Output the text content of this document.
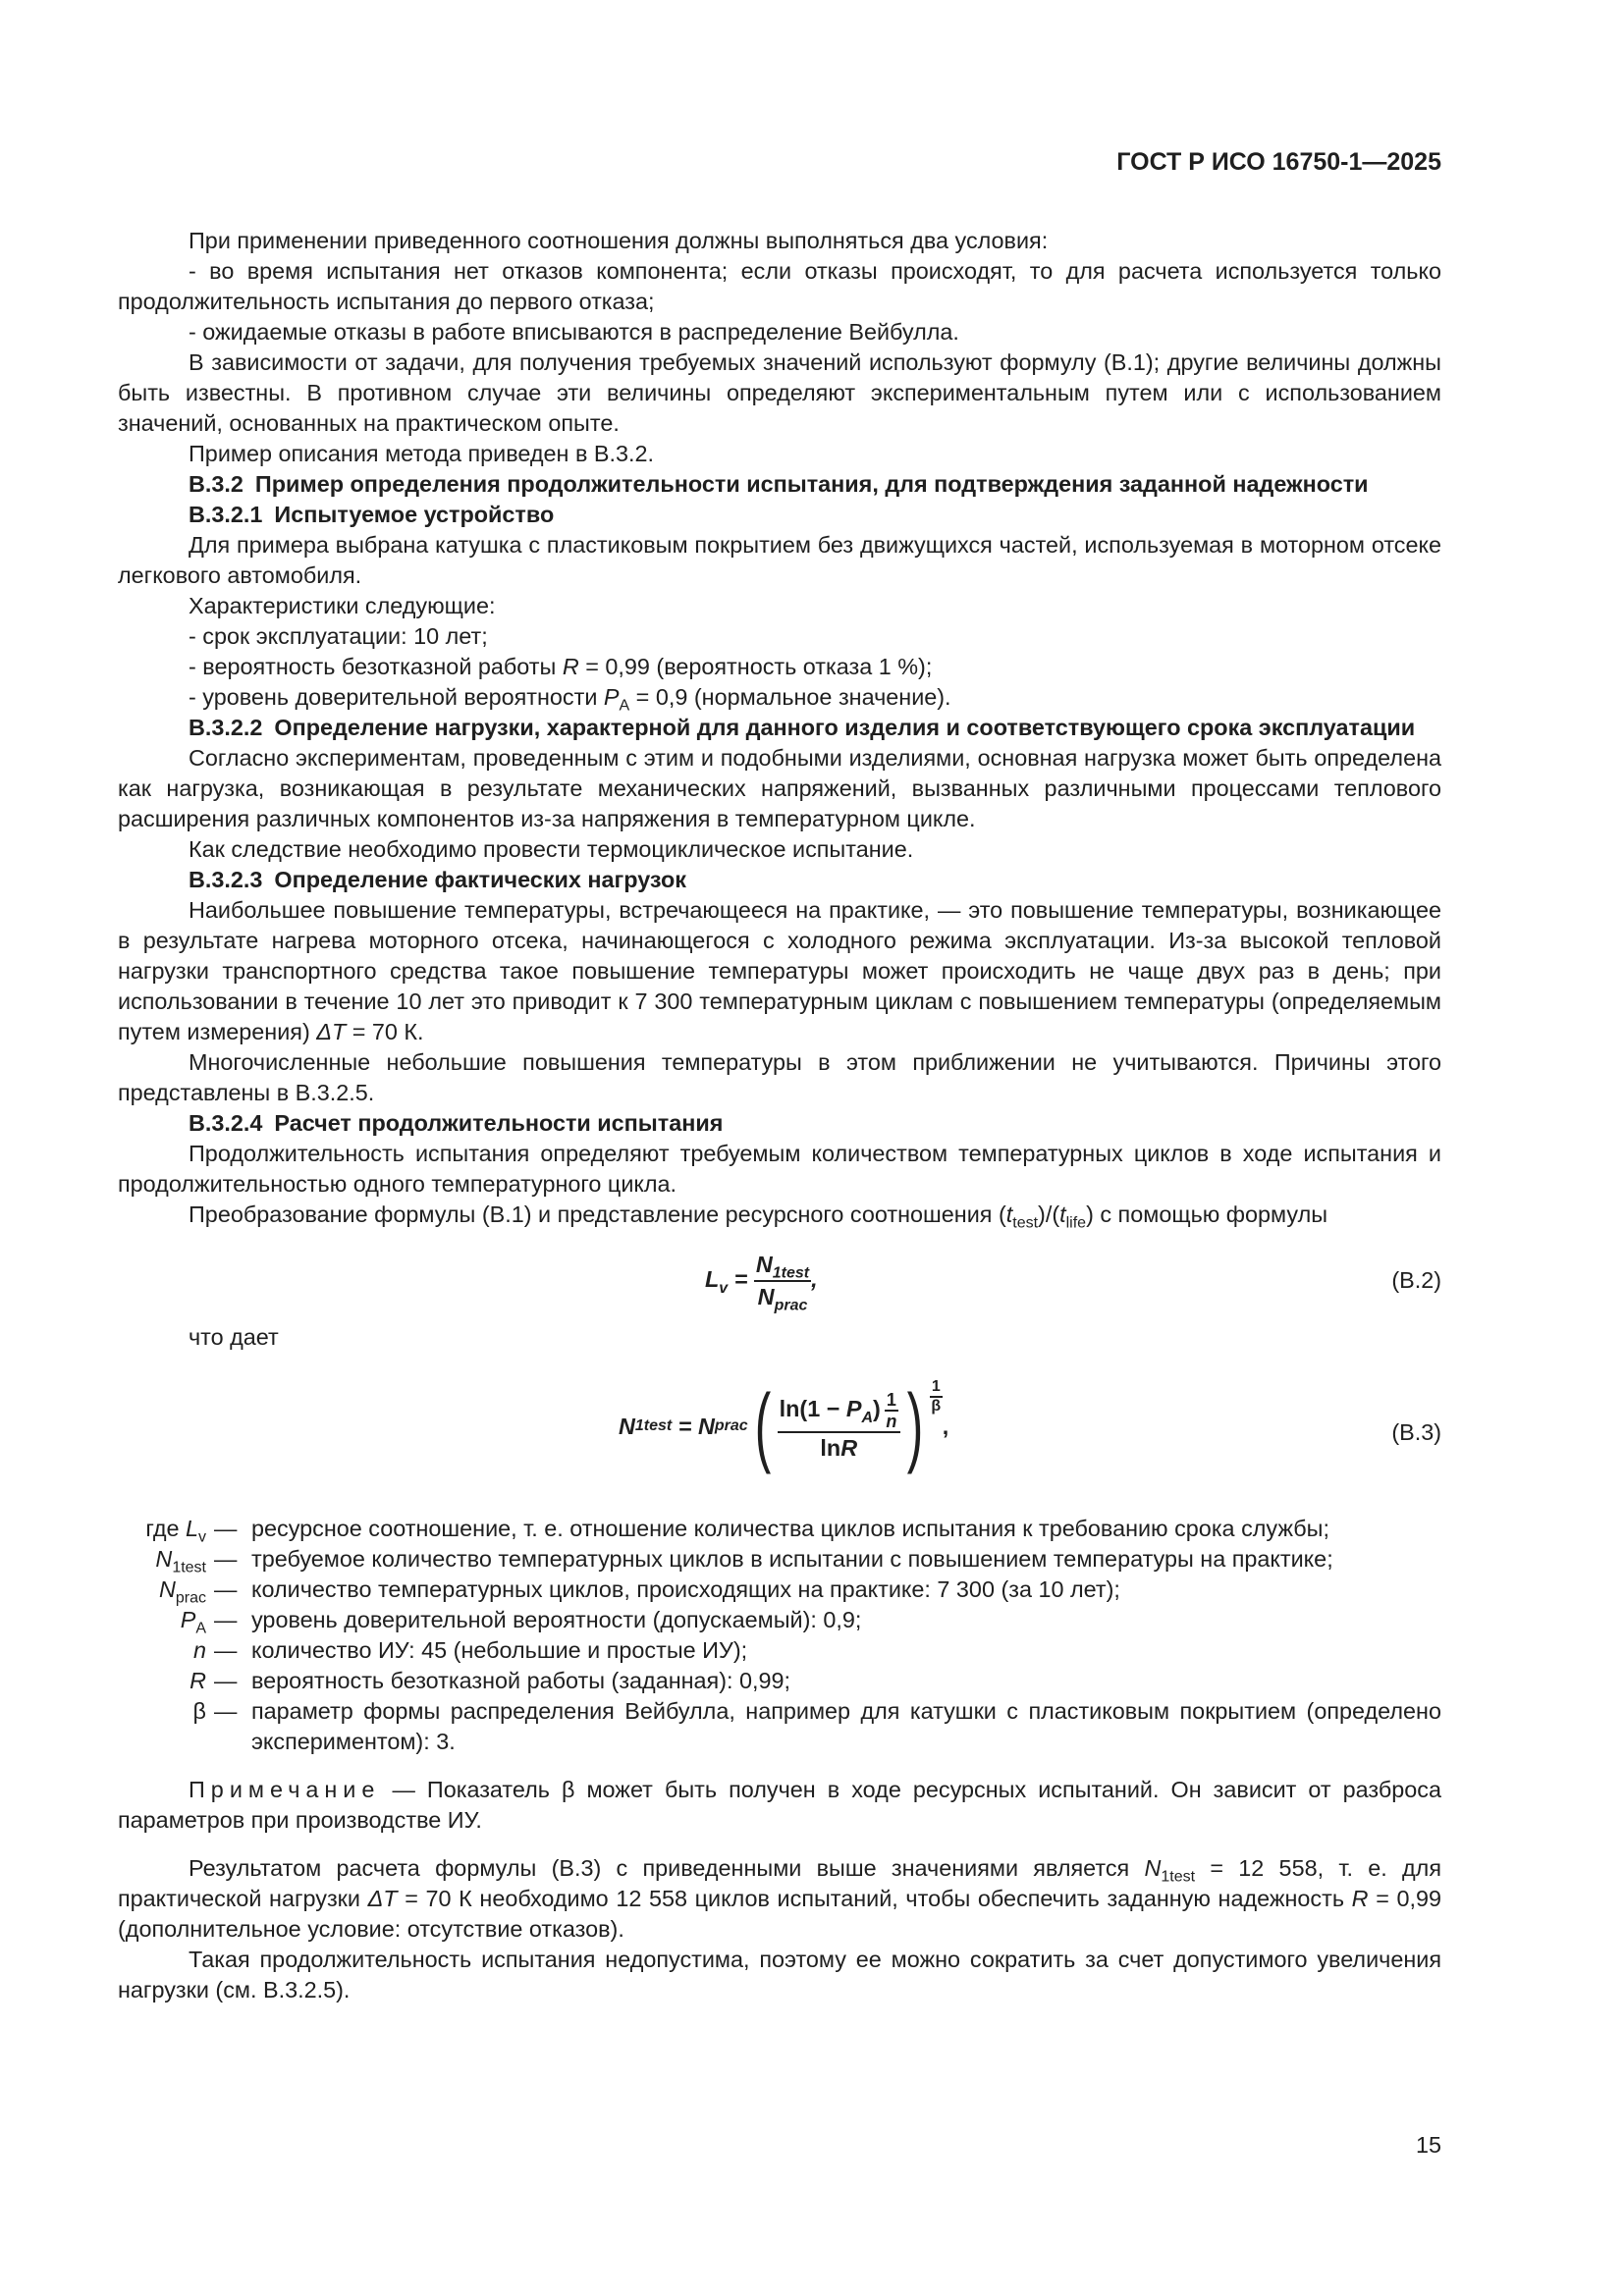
ГОСТ Р ИСО 16750-1—2025

При применении приведенного соотношения должны выполняться два условия:

- во время испытания нет отказов компонента; если отказы происходят, то для расчета используется только продолжительность испытания до первого отказа;

- ожидаемые отказы в работе вписываются в распределение Вейбулла.

В зависимости от задачи, для получения требуемых значений используют формулу (B.1); другие величины должны быть известны. В противном случае эти величины определяют экспериментальным путем или с использованием значений, основанных на практическом опыте.

Пример описания метода приведен в B.3.2.

B.3.2 Пример определения продолжительности испытания, для подтверждения заданной надежности

B.3.2.1 Испытуемое устройство

Для примера выбрана катушка с пластиковым покрытием без движущихся частей, используемая в моторном отсеке легкового автомобиля.

Характеристики следующие:

- срок эксплуатации: 10 лет;

- вероятность безотказной работы R = 0,99 (вероятность отказа 1 %);

- уровень доверительной вероятности $P_A = 0,9$ (нормальное значение).

B.3.2.2 Определение нагрузки, характерной для данного изделия и соответствующего срока эксплуатации

Согласно экспериментам, проведенным с этим и подобными изделиями, основная нагрузка может быть определена как нагрузка, возникающая в результате механических напряжений, вызванных различными процессами теплового расширения различных компонентов из-за напряжения в температурном цикле.

Как следствие необходимо провести термоциклическое испытание.

B.3.2.3 Определение фактических нагрузок

Наибольшее повышение температуры, встречающееся на практике, — это повышение температуры, возникающее в результате нагрева моторного отсека, начинающегося с холодного режима эксплуатации. Из-за высокой тепловой нагрузки транспортного средства такое повышение температуры может происходить не чаще двух раз в день; при использовании в течение 10 лет это приводит к 7 300 температурным циклам с повышением температуры (определяемым путем измерения) ΔT = 70 К.

Многочисленные небольшие повышения температуры в этом приближении не учитываются. Причины этого представлены в B.3.2.5.

B.3.2.4 Расчет продолжительности испытания

Продолжительность испытания определяют требуемым количеством температурных циклов в ходе испытания и продолжительностью одного температурного цикла.

Преобразование формулы (B.1) и представление ресурсного соотношения $(t_{test})/(t_{life})$ с помощью формулы

$L_v = \frac{N_{1test}}{N_{prac}}$ ,	(B.2)

что дает

N 1test = N prac ( $\frac{\ln(1 - P_A) \frac{1}{n}}{\ln R}$ ) $\frac{1}{\beta}$
,	(B.3)
где $L_v$ — ресурсное соотношение, т. е. отношение количества циклов испытания к требованию срока службы;
$N_{1test}$ — требуемое количество температурных циклов в испытании с повышением температуры на практике;
$N_{prac}$ — количество температурных циклов, происходящих на практике: 7 300 (за 10 лет);
$P_A$ — уровень доверительной вероятности (допускаемый): 0,9;
n — количество ИУ: 45 (небольшие и простые ИУ);
R — вероятность безотказной работы (заданная): 0,99;
β — параметр формы распределения Вейбулла, например для катушки с пластиковым покрытием (определено экспериментом): 3.

Примечание — Показатель β может быть получен в ходе ресурсных испытаний. Он зависит от разброса параметров при производстве ИУ.

Результатом расчета формулы (B.3) с приведенными выше значениями является $N_{1test} = 12$ 558, т. е. для практической нагрузки ΔT = 70 К необходимо 12 558 циклов испытаний, чтобы обеспечить заданную надежность R = 0,99 (дополнительное условие: отсутствие отказов).

Такая продолжительность испытания недопустима, поэтому ее можно сократить за счет допустимого увеличения нагрузки (см. B.3.2.5).

15
